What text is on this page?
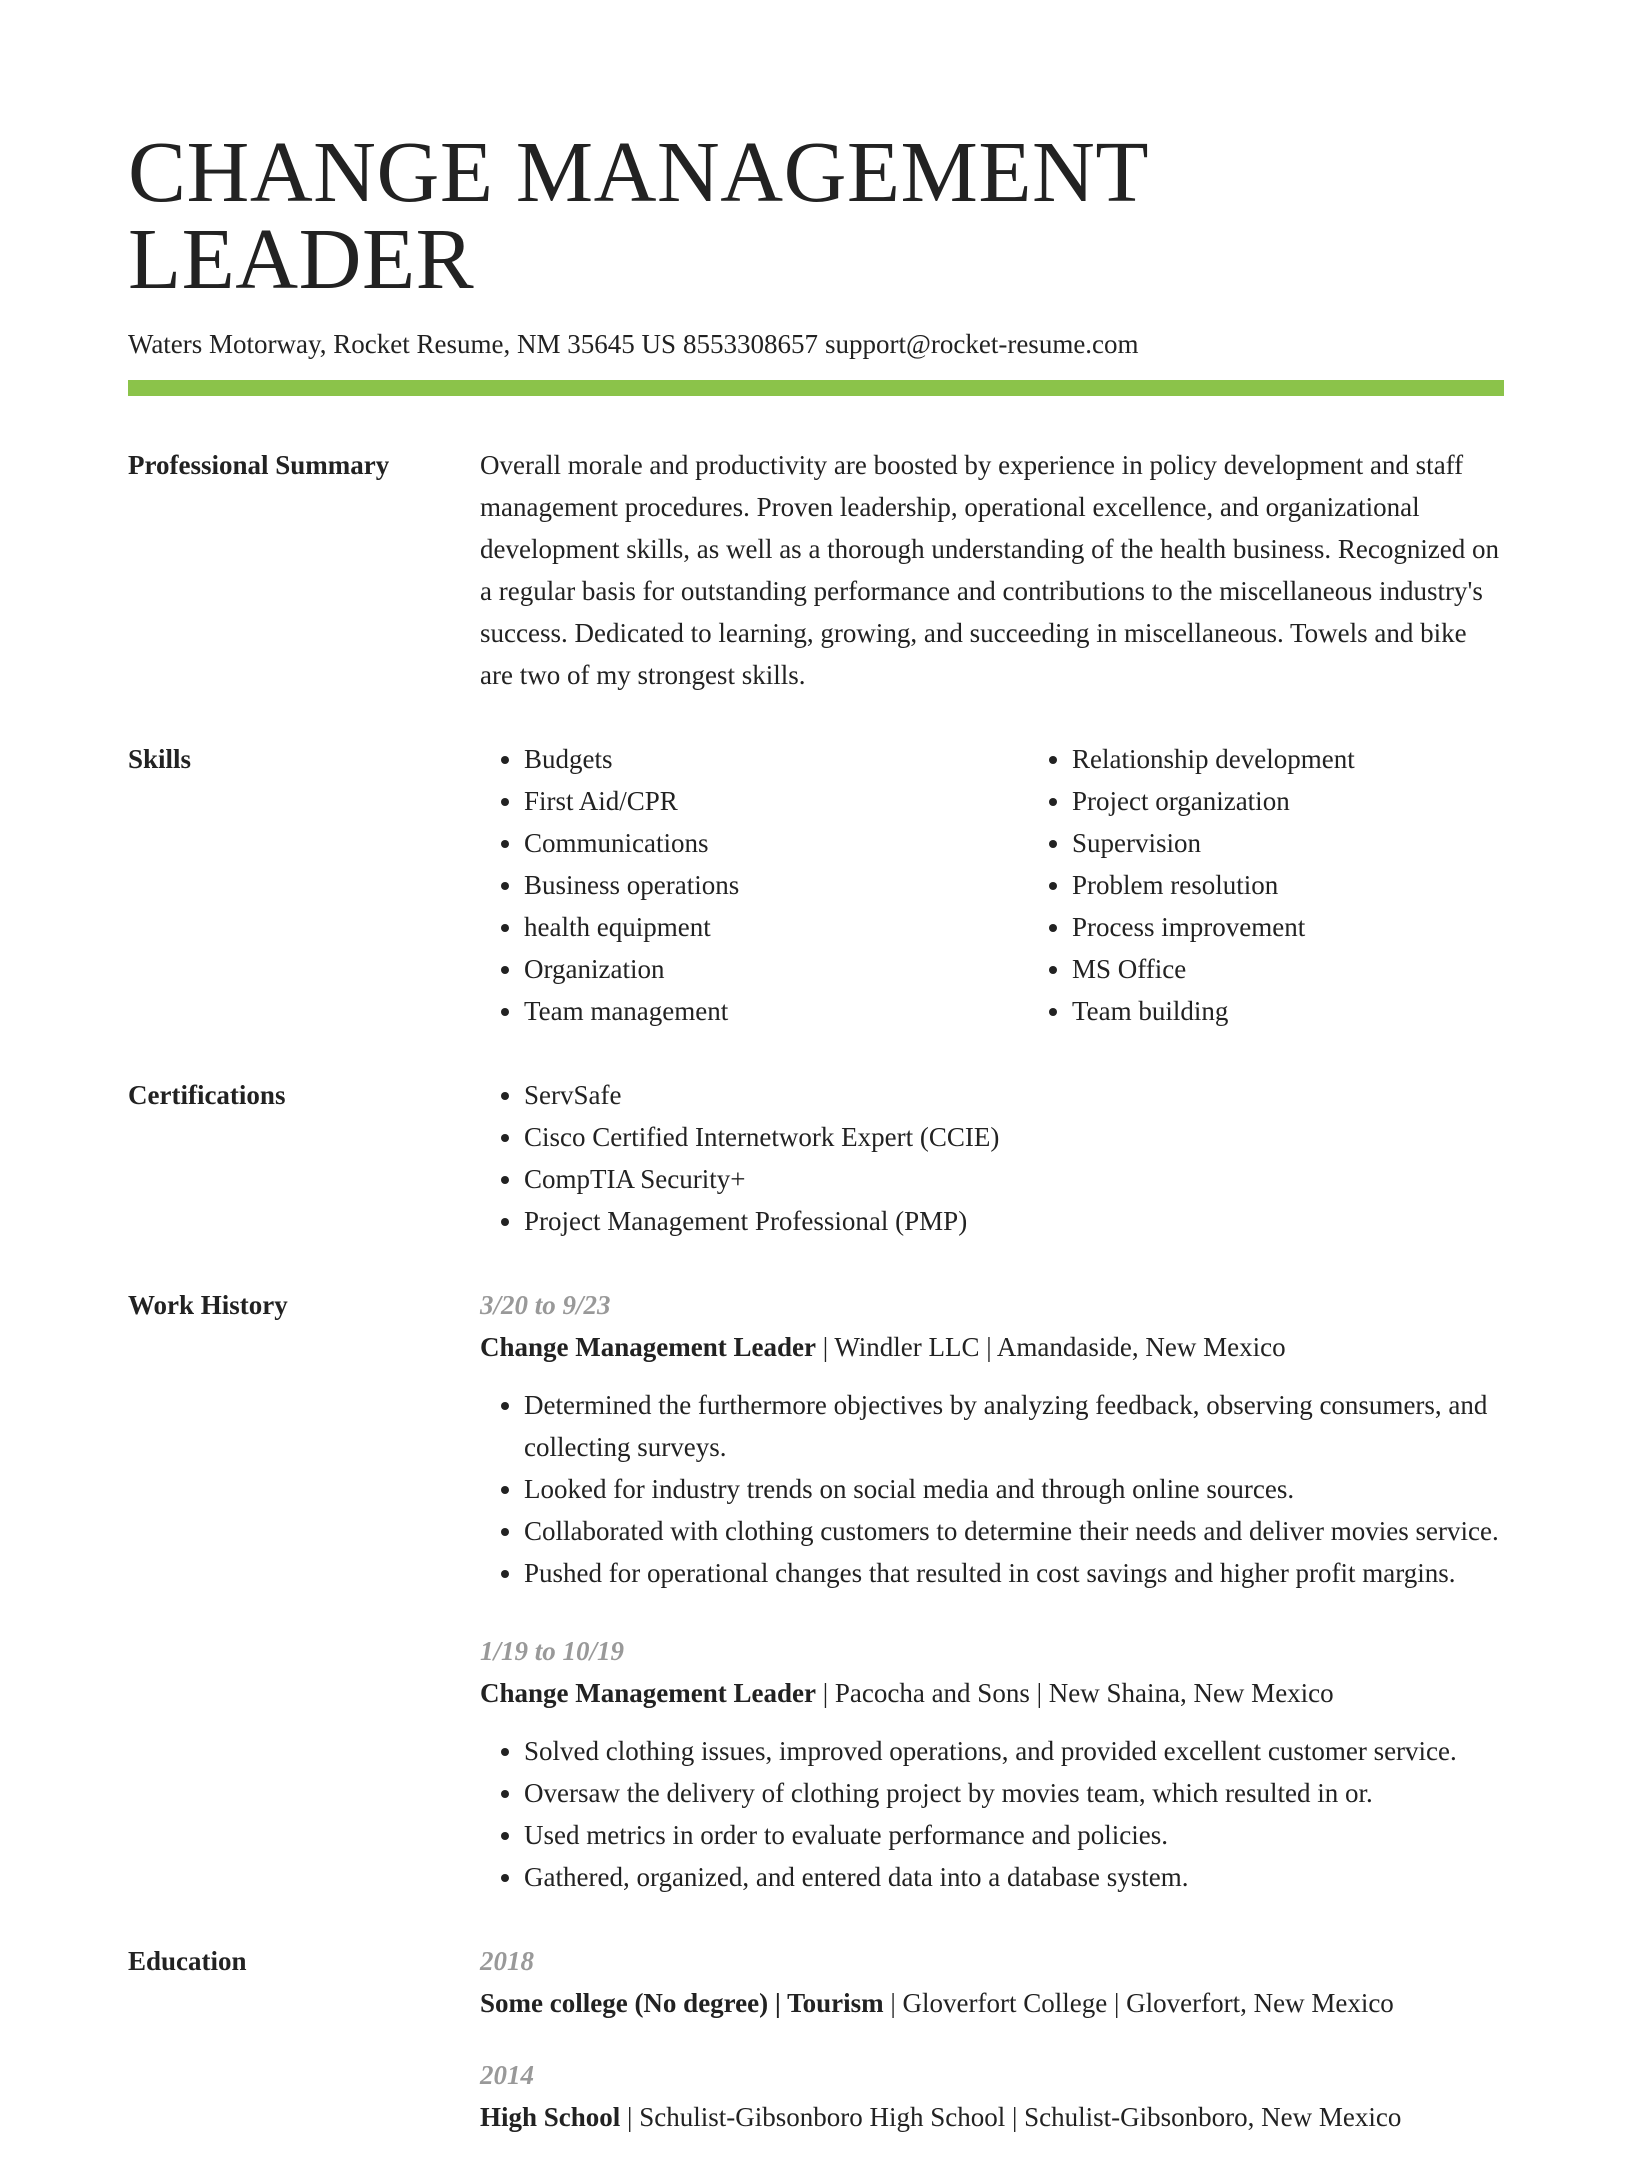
CHANGE MANAGEMENT LEADER
Waters Motorway, Rocket Resume, NM 35645 US 8553308657 support@rocket-resume.com
Professional Summary	Overall morale and productivity are boosted by experience in policy development and staff management procedures. Proven leadership, operational excellence, and organizational development skills, as well as a thorough understanding of the health business. Recognized on a regular basis for outstanding performance and contributions to the miscellaneous industry's success. Dedicated to learning, growing, and succeeding in miscellaneous. Towels and bike are two of my strongest skills.
Skills	• Budgets
• First Aid/CPR
• Communications
• Business operations
• health equipment
• Organization
• Team management
• Relationship development
• Project organization
• Supervision
• Problem resolution
• Process improvement
• MS Office
• Team building
Certifications	• ServSafe
• Cisco Certified Internetwork Expert (CCIE)
• CompTIA Security+
• Project Management Professional (PMP)
Work History	3/20 to 9/23
Change Management Leader | Windler LLC | Amandaside, New Mexico
• Determined the furthermore objectives by analyzing feedback, observing consumers, and collecting surveys.
• Looked for industry trends on social media and through online sources.
• Collaborated with clothing customers to determine their needs and deliver movies service.
• Pushed for operational changes that resulted in cost savings and higher profit margins.
1/19 to 10/19
Change Management Leader | Pacocha and Sons | New Shaina, New Mexico
• Solved clothing issues, improved operations, and provided excellent customer service.
• Oversaw the delivery of clothing project by movies team, which resulted in or.
• Used metrics in order to evaluate performance and policies.
• Gathered, organized, and entered data into a database system.
Education	2018
Some college (No degree) | Tourism | Gloverfort College | Gloverfort, New Mexico
2014
High School | Schulist-Gibsonboro High School | Schulist-Gibsonboro, New Mexico
